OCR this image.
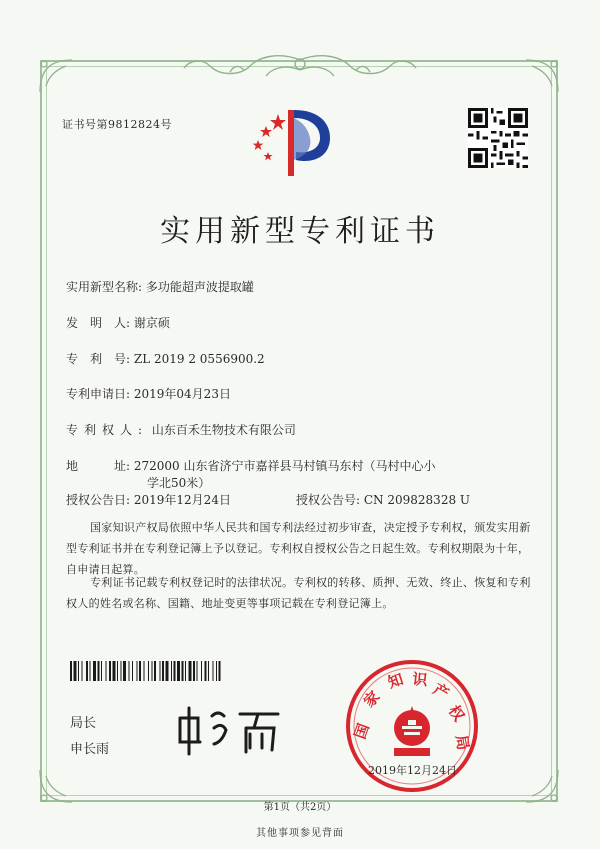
证书号第9812824号
实用新型专利证书
实用新型名称: 多功能超声波提取罐
发　明　人: 谢京硕
专　利　号: ZL 2019 2 0556900.2
专利申请日: 2019年04月23日
专利权人: 山东百禾生物技术有限公司
地　　　址: 272000 山东省济宁市嘉祥县马村镇马东村（马村中心小
学北50米）
授权公告日: 2019年12月24日	授权公告号: CN 209828328 U
国家知识产权局依照中华人民共和国专利法经过初步审查，决定授予专利权，颁发实用新型专利证书并在专利登记簿上予以登记。专利权自授权公告之日起生效。专利权期限为十年，自申请日起算。
专利证书记载专利权登记时的法律状况。专利权的转移、质押、无效、终止、恢复和专利权人的姓名或名称、国籍、地址变更等事项记载在专利登记簿上。
局长
申长雨
国
家
知 识
产
权
局
2019年12月24日
第1页（共2页）
其他事项参见背面
